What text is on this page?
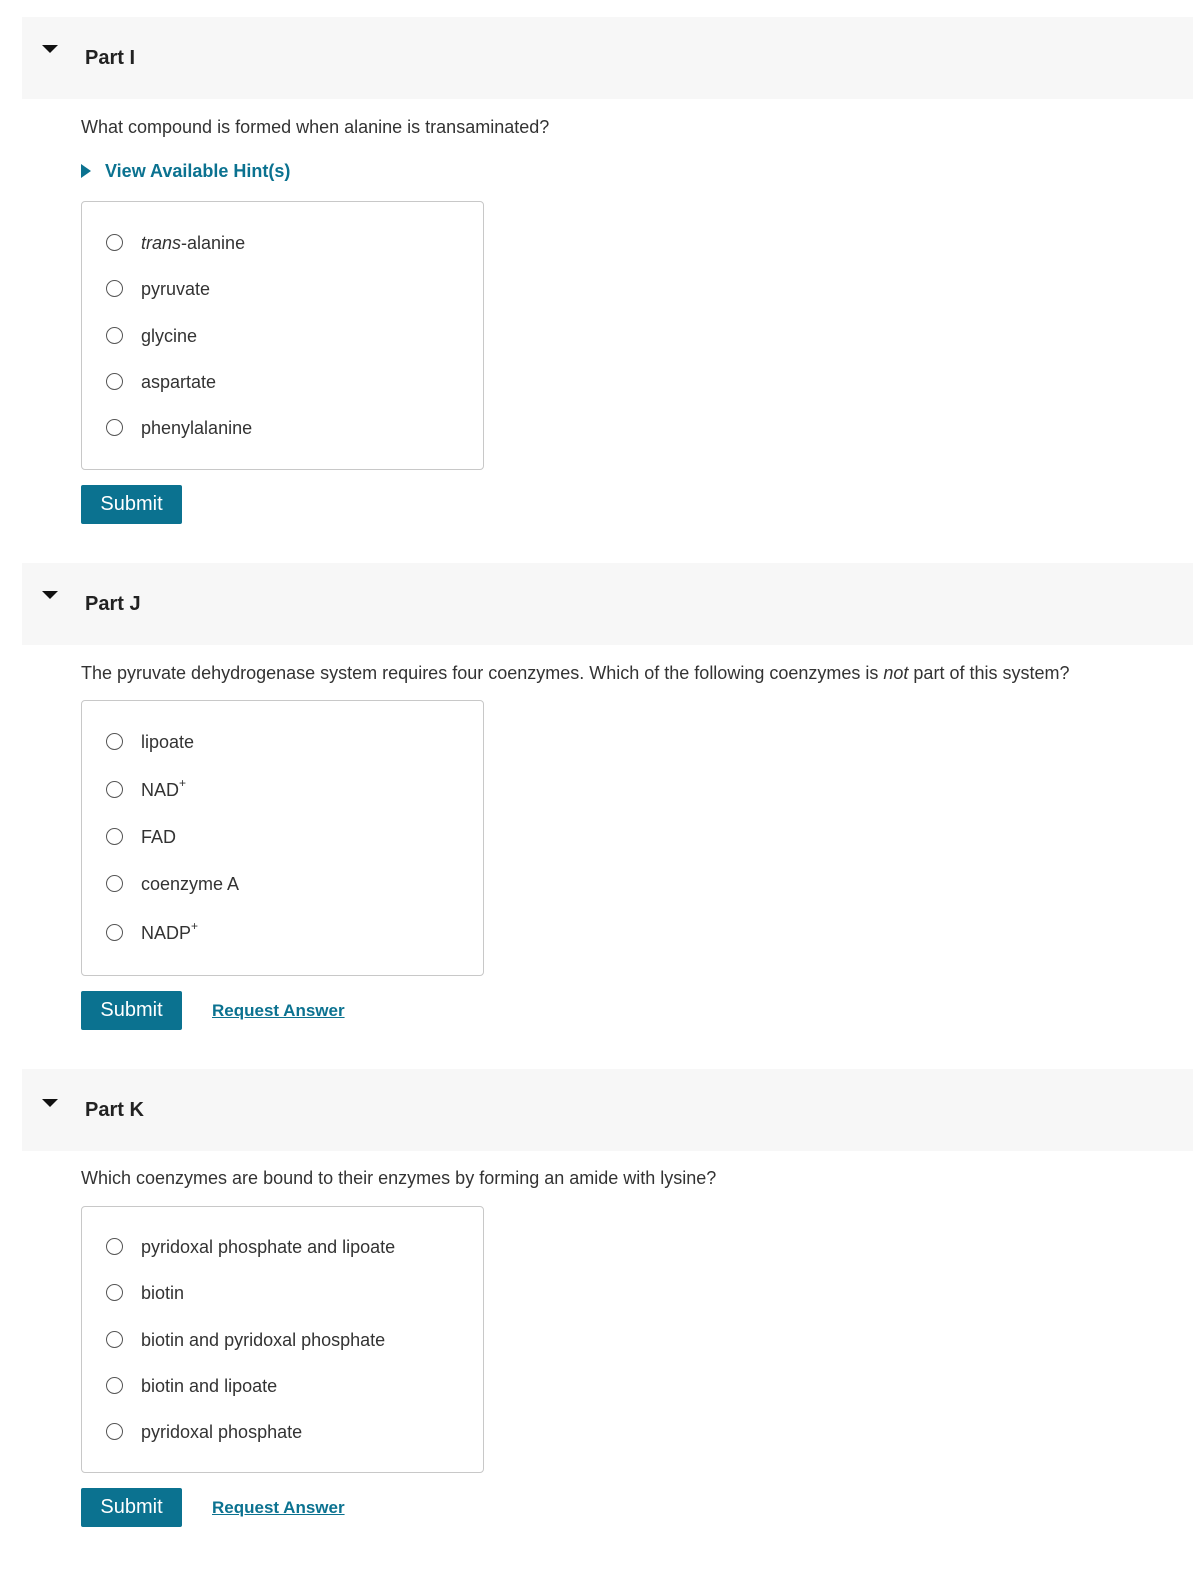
Part I
What compound is formed when alanine is transaminated?
View Available Hint(s)
trans-alanine
pyruvate
glycine
aspartate
phenylalanine
Submit
Part J
The pyruvate dehydrogenase system requires four coenzymes. Which of the following coenzymes is not part of this system?
lipoate
NAD+
FAD
coenzyme A
NADP+
Submit	Request Answer
Part K
Which coenzymes are bound to their enzymes by forming an amide with lysine?
pyridoxal phosphate and lipoate
biotin
biotin and pyridoxal phosphate
biotin and lipoate
pyridoxal phosphate
Submit	Request Answer
